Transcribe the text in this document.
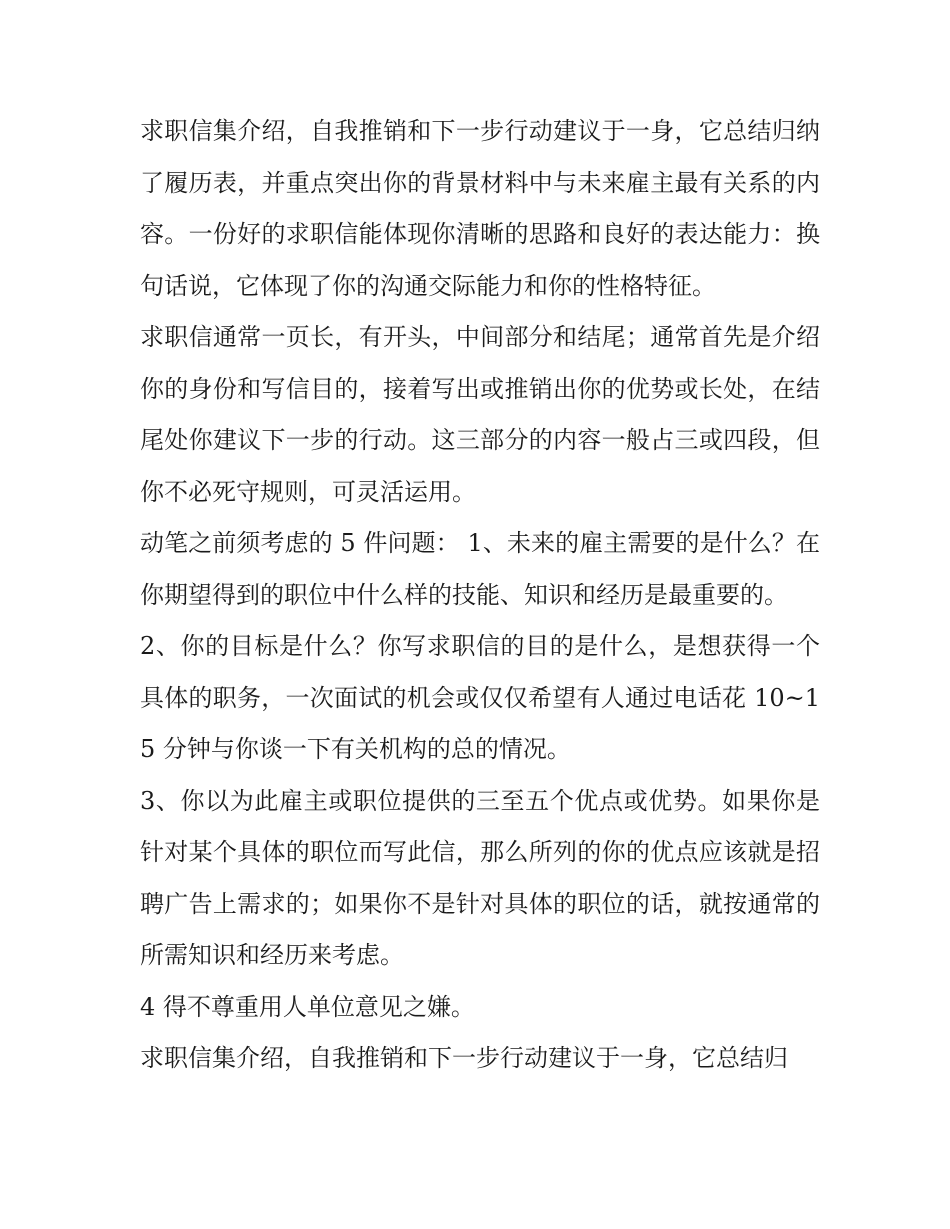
求职信集介绍，自我推销和下一步行动建议于一身，它总结归纳了履历表，并重点突出你的背景材料中与未来雇主最有关系的内容。一份好的求职信能体现你清晰的思路和良好的表达能力：换句话说，它体现了你的沟通交际能力和你的性格特征。

求职信通常一页长，有开头，中间部分和结尾；通常首先是介绍你的身份和写信目的，接着写出或推销出你的优势或长处，在结尾处你建议下一步的行动。这三部分的内容一般占三或四段，但你不必死守规则，可灵活运用。

动笔之前须考虑的 5 件问题： 1、未来的雇主需要的是什么？在你期望得到的职位中什么样的技能、知识和经历是最重要的。

2、你的目标是什么？你写求职信的目的是什么，是想获得一个具体的职务，一次面试的机会或仅仅希望有人通过电话花 10~15 分钟与你谈一下有关机构的总的情况。

3、你以为此雇主或职位提供的三至五个优点或优势。如果你是针对某个具体的职位而写此信，那么所列的你的优点应该就是招聘广告上需求的；如果你不是针对具体的职位的话，就按通常的所需知识和经历来考虑。

4 得不尊重用人单位意见之嫌。

求职信集介绍，自我推销和下一步行动建议于一身，它总结归
